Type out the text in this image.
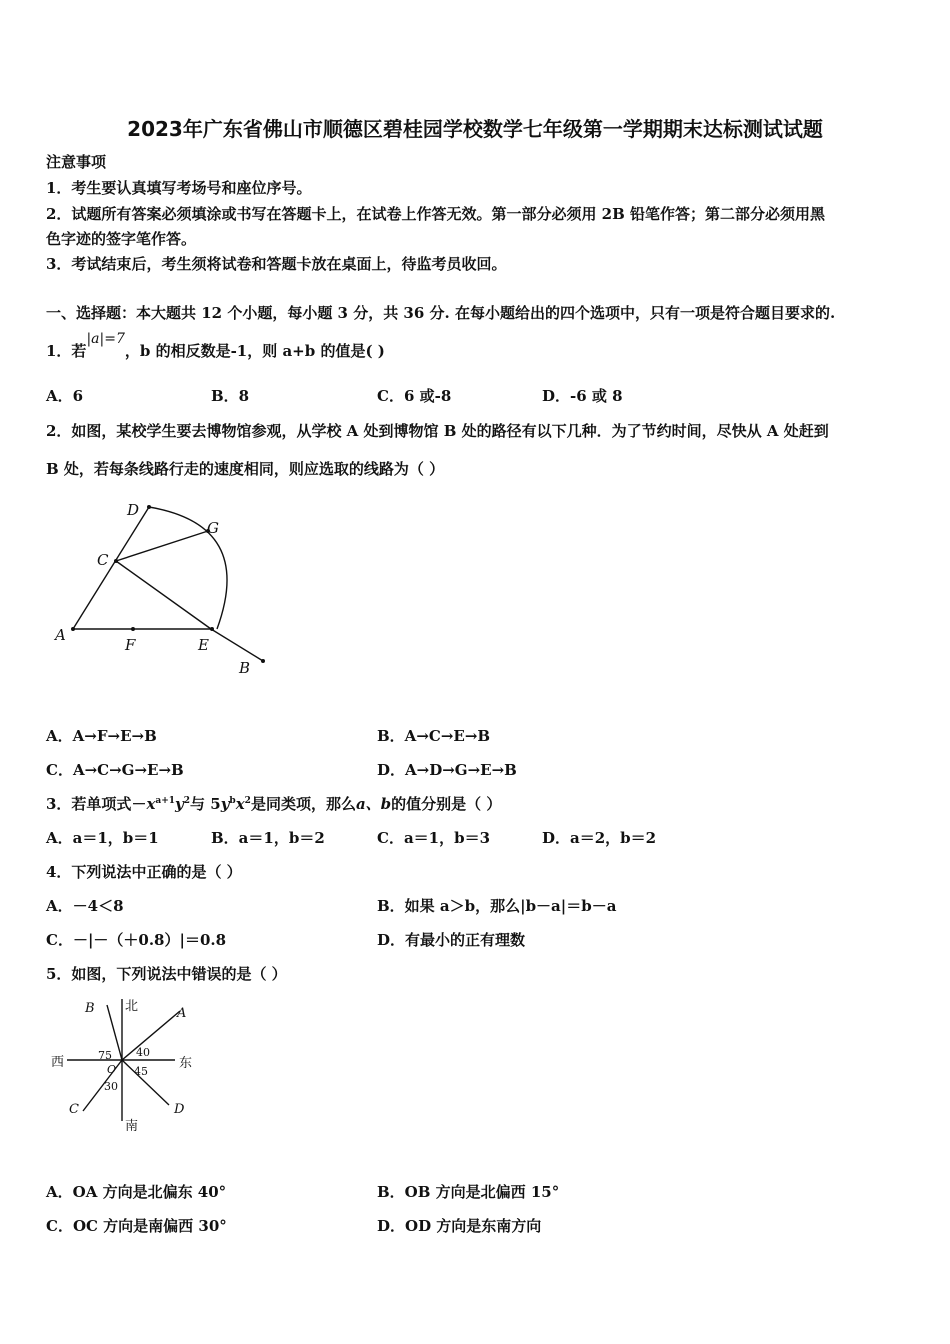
2023年广东省佛山市顺德区碧桂园学校数学七年级第一学期期末达标测试试题
注意事项
1．考生要认真填写考场号和座位序号。
2．试题所有答案必须填涂或书写在答题卡上，在试卷上作答无效。第一部分必须用 2B 铅笔作答；第二部分必须用黑
色字迹的签字笔作答。
3．考试结束后，考生须将试卷和答题卡放在桌面上，待监考员收回。
一、选择题：本大题共 12 个小题，每小题 3 分，共 36 分. 在每小题给出的四个选项中，只有一项是符合题目要求的.
1．若|a|=7，b 的相反数是-1，则 a+b 的值是( )
A．6	B．8	C．6 或-8	D．-6 或 8
2．如图，某校学生要去博物馆参观，从学校 A 处到博物馆 B 处的路径有以下几种．为了节约时间，尽快从 A 处赶到
B 处，若每条线路行走的速度相同，则应选取的线路为（ ）
D
G
C
A
F	E
B
A．A→F→E→B	B．A→C→E→B
C．A→C→G→E→B	D．A→D→G→E→B
3．若单项式$-x^{a+1}y^2$与 $5y^bx^2$是同类项，那么a、b的值分别是（ ）
A．a＝1，b＝1	B．a＝1，b＝2	C．a＝1，b＝3	D．a＝2，b＝2
4．下列说法中正确的是（ ）
A．－4＜8	B．如果 a＞b，那么|b－a|＝b－a
C．－|－（＋0.8）|＝0.8	D．有最小的正有理数
5．如图，下列说法中错误的是（ ）
B 北	A
西	75 40
东
O 45
30
C	D
南
A．OA 方向是北偏东 40°	B．OB 方向是北偏西 15°
C．OC 方向是南偏西 30°	D．OD 方向是东南方向
